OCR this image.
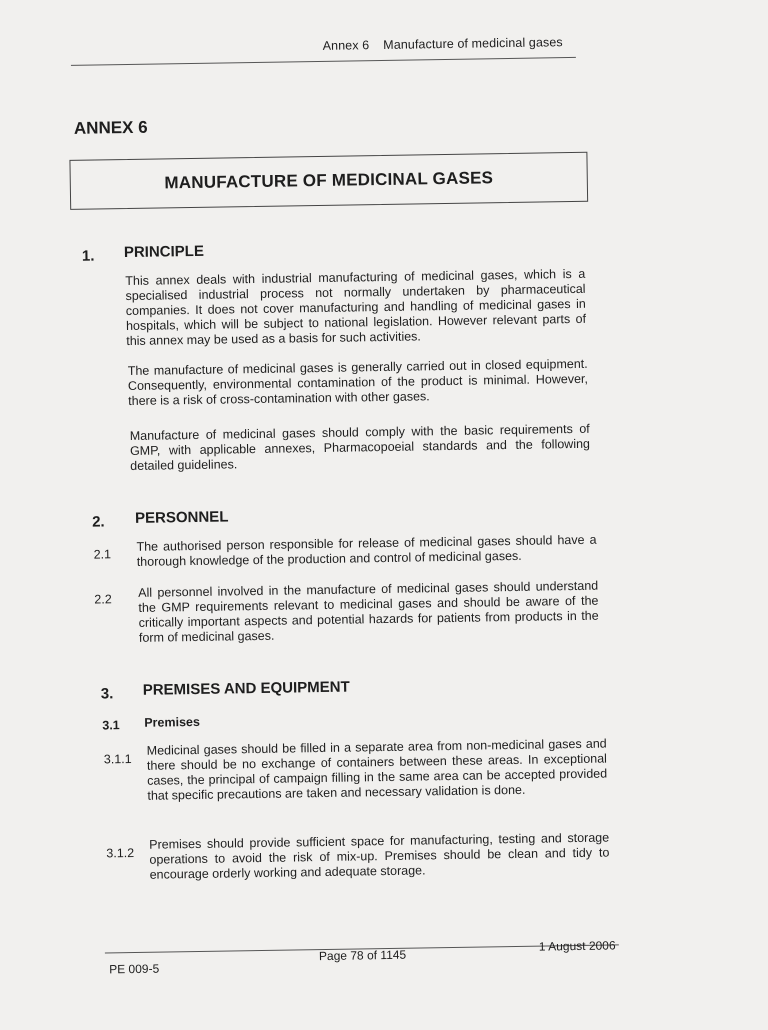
Annex 6 Manufacture of medicinal gases
ANNEX 6
MANUFACTURE OF MEDICINAL GASES
1. PRINCIPLE
This annex deals with industrial manufacturing of medicinal gases, which is a specialised industrial process not normally undertaken by pharmaceutical companies. It does not cover manufacturing and handling of medicinal gases in hospitals, which will be subject to national legislation. However relevant parts of this annex may be used as a basis for such activities.
The manufacture of medicinal gases is generally carried out in closed equipment. Consequently, environmental contamination of the product is minimal. However, there is a risk of cross-contamination with other gases.
Manufacture of medicinal gases should comply with the basic requirements of GMP, with applicable annexes, Pharmacopoeial standards and the following detailed guidelines.
2. PERSONNEL
2.1
The authorised person responsible for release of medicinal gases should have a thorough knowledge of the production and control of medicinal gases.
2.2 All personnel involved in the manufacture of medicinal gases should understand the GMP requirements relevant to medicinal gases and should be aware of the critically important aspects and potential hazards for patients from products in the form of medicinal gases.
3. PREMISES AND EQUIPMENT
3.1 Premises
3.1.1
Medicinal gases should be filled in a separate area from non-medicinal gases and there should be no exchange of containers between these areas. In exceptional cases, the principal of campaign filling in the same area can be accepted provided that specific precautions are taken and necessary validation is done.
3.1.2
Premises should provide sufficient space for manufacturing, testing and storage operations to avoid the risk of mix-up. Premises should be clean and tidy to encourage orderly working and adequate storage.
PE 009-5
Page 78 of 1145
1 August 2006
